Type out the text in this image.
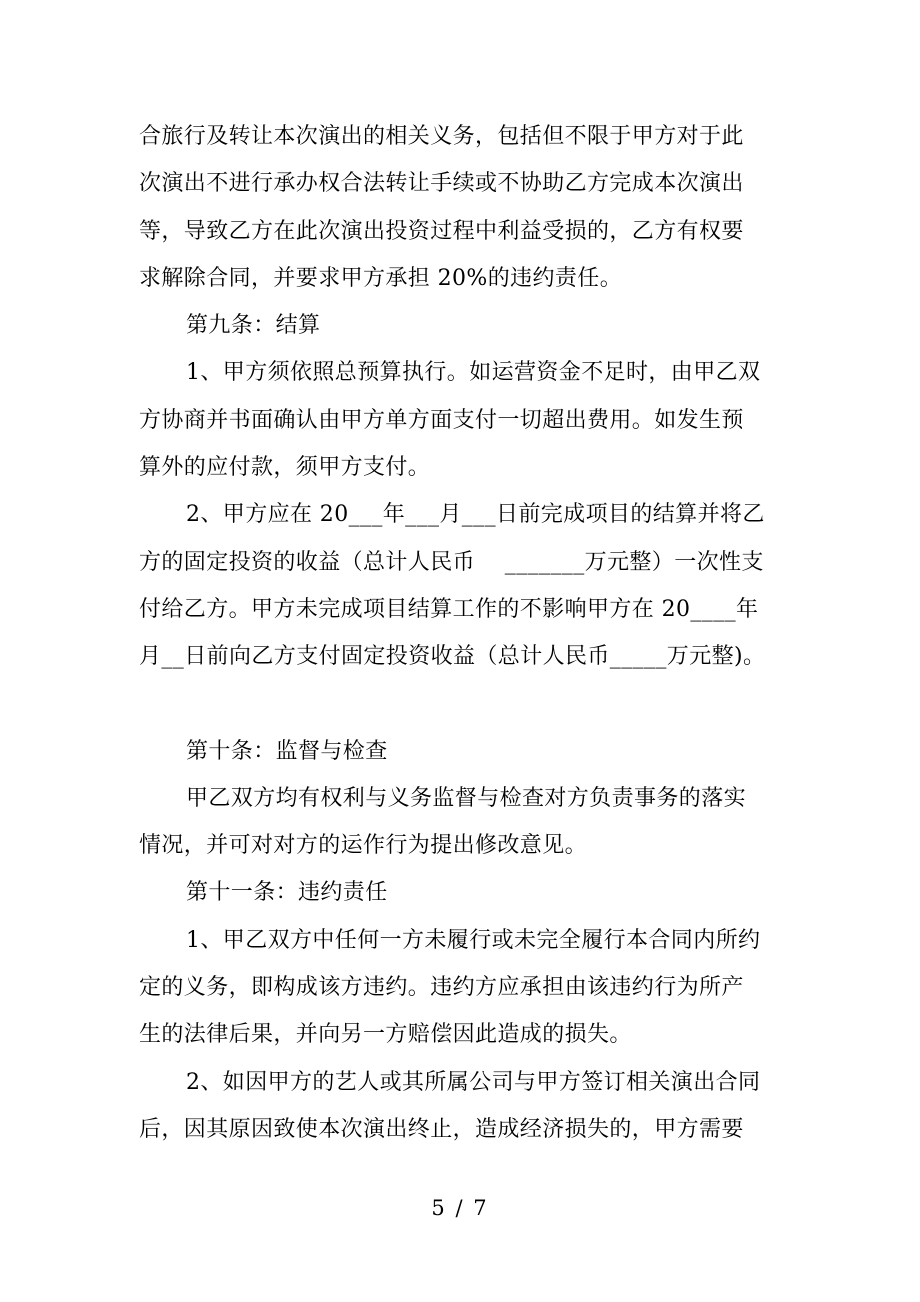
合旅行及转让本次演出的相关义务，包括但不限于甲方对于此
次演出不进行承办权合法转让手续或不协助乙方完成本次演出
等，导致乙方在此次演出投资过程中利益受损的，乙方有权要
求解除合同，并要求甲方承担 20%的违约责任。

第九条：结算

1、甲方须依照总预算执行。如运营资金不足时，由甲乙双
方协商并书面确认由甲方单方面支付一切超出费用。如发生预
算外的应付款，须甲方支付。

2、甲方应在 20___年___月___日前完成项目的结算并将乙
方的固定投资的收益（总计人民币　 _______万元整）一次性支
付给乙方。甲方未完成项目结算工作的不影响甲方在 20____年
月__日前向乙方支付固定投资收益（总计人民币_____万元整)。

第十条：监督与检查

甲乙双方均有权利与义务监督与检查对方负责事务的落实
情况，并可对对方的运作行为提出修改意见。

第十一条：违约责任

1、甲乙双方中任何一方未履行或未完全履行本合同内所约
定的义务，即构成该方违约。违约方应承担由该违约行为所产
生的法律后果，并向另一方赔偿因此造成的损失。

2、如因甲方的艺人或其所属公司与甲方签订相关演出合同
后，因其原因致使本次演出终止，造成经济损失的，甲方需要

5 / 7
